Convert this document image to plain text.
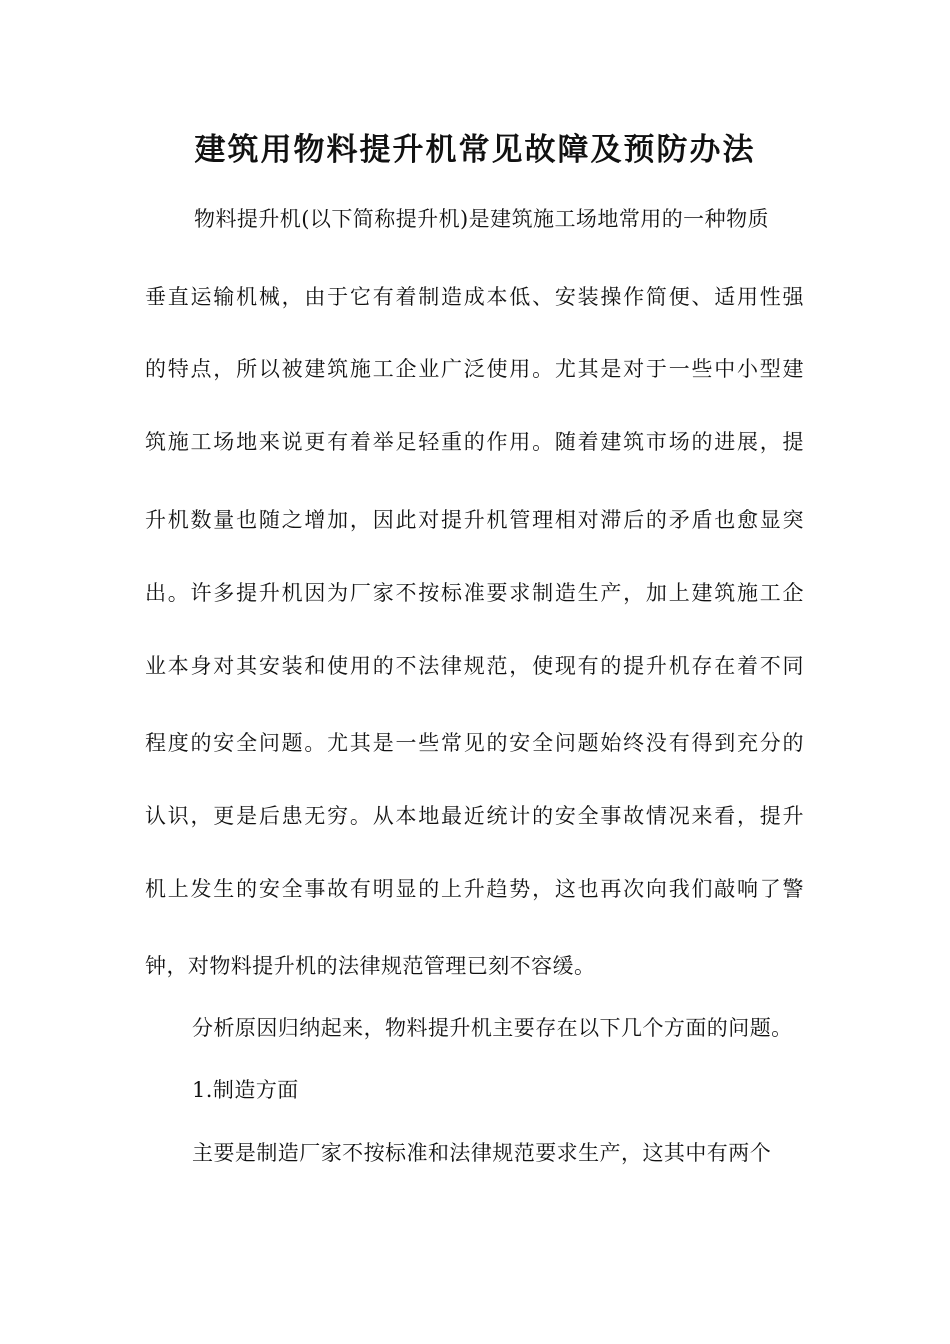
建筑用物料提升机常见故障及预防办法
物料提升机(以下简称提升机)是建筑施工场地常用的一种物质
垂直运输机械，由于它有着制造成本低、安装操作简便、适用性强
的特点，所以被建筑施工企业广泛使用。尤其是对于一些中小型建
筑施工场地来说更有着举足轻重的作用。随着建筑市场的进展，提
升机数量也随之增加，因此对提升机管理相对滞后的矛盾也愈显突
出。许多提升机因为厂家不按标准要求制造生产，加上建筑施工企
业本身对其安装和使用的不法律规范，使现有的提升机存在着不同
程度的安全问题。尤其是一些常见的安全问题始终没有得到充分的
认识，更是后患无穷。从本地最近统计的安全事故情况来看，提升
机上发生的安全事故有明显的上升趋势，这也再次向我们敲响了警
钟，对物料提升机的法律规范管理已刻不容缓。
分析原因归纳起来，物料提升机主要存在以下几个方面的问题。
1.制造方面
主要是制造厂家不按标准和法律规范要求生产，这其中有两个
